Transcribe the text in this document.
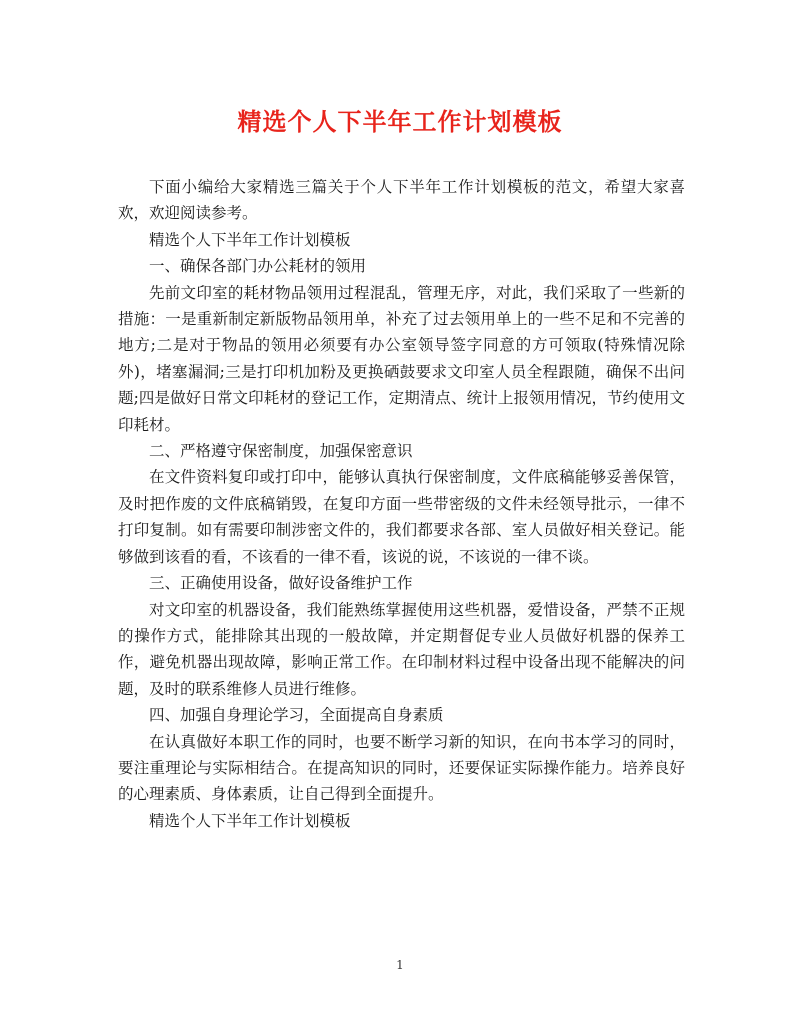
精选个人下半年工作计划模板

下面小编给大家精选三篇关于个人下半年工作计划模板的范文，希望大家喜欢，欢迎阅读参考。

精选个人下半年工作计划模板

一、确保各部门办公耗材的领用

先前文印室的耗材物品领用过程混乱，管理无序，对此，我们采取了一些新的措施：一是重新制定新版物品领用单，补充了过去领用单上的一些不足和不完善的地方;二是对于物品的领用必须要有办公室领导签字同意的方可领取(特殊情况除外)，堵塞漏洞;三是打印机加粉及更换硒鼓要求文印室人员全程跟随，确保不出问题;四是做好日常文印耗材的登记工作，定期清点、统计上报领用情况，节约使用文印耗材。

二、严格遵守保密制度，加强保密意识

在文件资料复印或打印中，能够认真执行保密制度，文件底稿能够妥善保管，及时把作废的文件底稿销毁，在复印方面一些带密级的文件未经领导批示，一律不打印复制。如有需要印制涉密文件的，我们都要求各部、室人员做好相关登记。能够做到该看的看，不该看的一律不看，该说的说，不该说的一律不谈。

三、正确使用设备，做好设备维护工作

对文印室的机器设备，我们能熟练掌握使用这些机器，爱惜设备，严禁不正规的操作方式，能排除其出现的一般故障，并定期督促专业人员做好机器的保养工作，避免机器出现故障，影响正常工作。在印制材料过程中设备出现不能解决的问题，及时的联系维修人员进行维修。

四、加强自身理论学习，全面提高自身素质

在认真做好本职工作的同时，也要不断学习新的知识，在向书本学习的同时，要注重理论与实际相结合。在提高知识的同时，还要保证实际操作能力。培养良好的心理素质、身体素质，让自己得到全面提升。

精选个人下半年工作计划模板

1
